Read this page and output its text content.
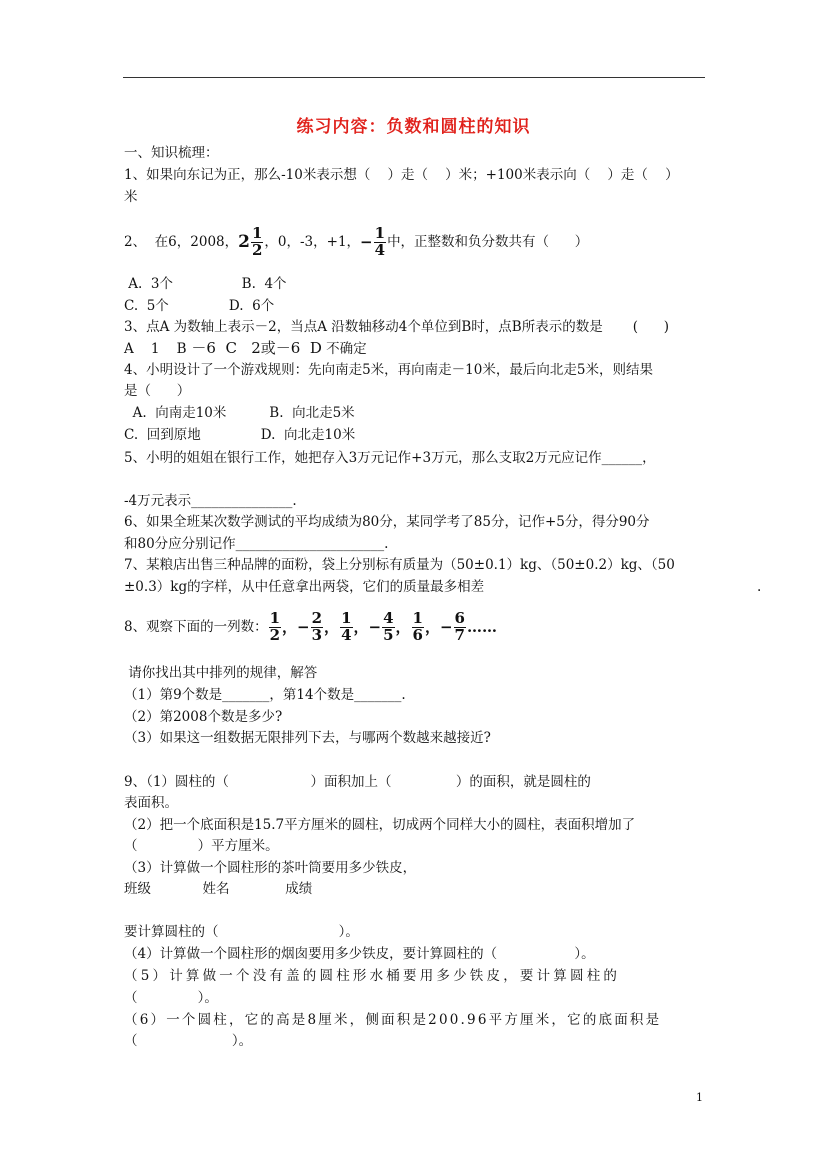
练习内容：负数和圆柱的知识
一、知识梳理：
1、如果向东记为正，那么-10米表示想（    ）走（    ）米；+100米表示向（    ）走（    ）
米
2、  在6，2008，$2 \frac{1}{2}$ ，0，-3，+1，− $\frac{1}{4}$ 中，正整数和负分数共有（      ）
A.  3个                B.  4个
C.  5个              D.  6个
3、点A 为数轴上表示－2，当点A 沿数轴移动4个单位到B时，点B所表示的数是       (      )
A    1    B －6  C   2或－6  D 不确定
4、小明设计了一个游戏规则：先向南走5米，再向南走－10米，最后向北走5米，则结果
是（      ）
A.  向南走10米          B.  向北走5米
C.  回到原地              D.  向北走10米
5、小明的姐姐在银行工作，她把存入3万元记作+3万元，那么支取2万元应记作______，
-4万元表示_______________.
6、如果全班某次数学测试的平均成绩为80分，某同学考了85分，记作+5分，得分90分
和80分应分别记作______________________.
7、某粮店出售三种品牌的面粉，袋上分别标有质量为（50±0.1）kg、（50±0.2）kg、（50
±0.3）kg的字样，从中任意拿出两袋，它们的质量最多相差	.
8、观察下面的一列数： $\frac{1}{2}$ ，− $\frac{2}{3}$ ， $\frac{1}{4}$ ，− $\frac{4}{5}$ ， $\frac{1}{6}$ ，− $\frac{6}{7}$ ……
请你找出其中排列的规律，解答
（1）第9个数是_______，第14个数是_______.
（2）第2008个数是多少?
（3）如果这一组数据无限排列下去，与哪两个数越来越接近?
9、（1）圆柱的（                   ）面积加上（               ）的面积，就是圆柱的
表面积。
（2）把一个底面积是15.7平方厘米的圆柱，切成两个同样大小的圆柱，表面积增加了
（              ）平方厘米。
（3）计算做一个圆柱形的茶叶筒要用多少铁皮，
班级            姓名             成绩
要计算圆柱的（                            ）。
（4）计算做一个圆柱形的烟囱要用多少铁皮，要计算圆柱的（                  ）。
（5）计算做一个没有盖的圆柱形水桶要用多少铁皮，要计算圆柱的
（              ）。
（6）一个圆柱，它的高是8厘米，侧面积是200.96平方厘米，它的底面积是
（                      ）。
1
